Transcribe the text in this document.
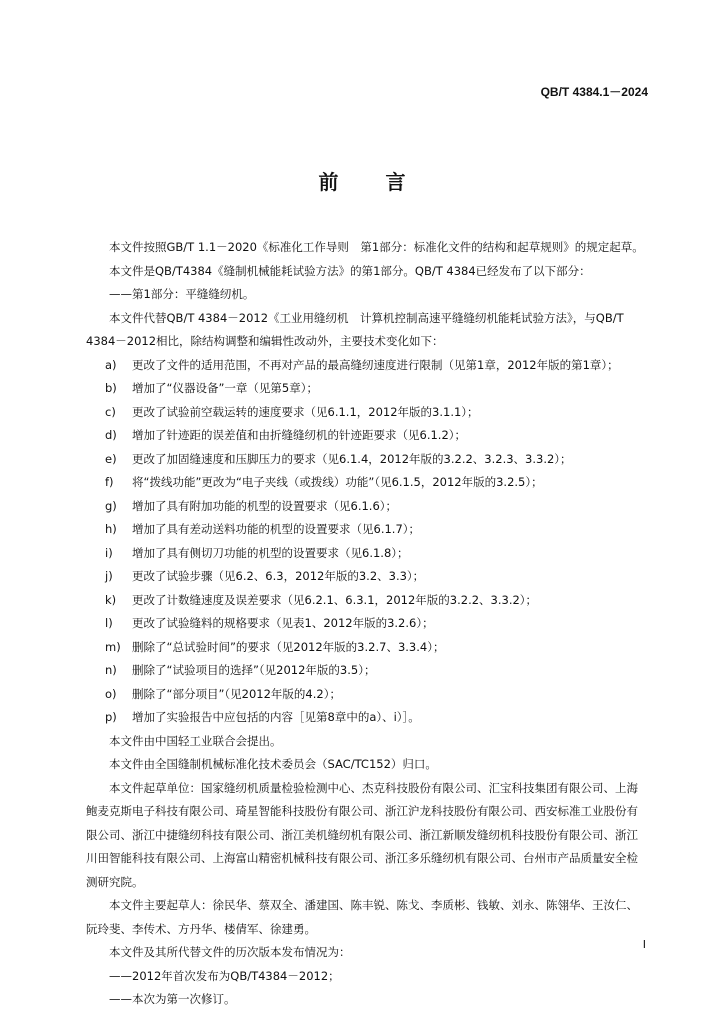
QB/T 4384.1－2024
前 言
本文件按照GB/T 1.1－2020《标准化工作导则　第1部分：标准化文件的结构和起草规则》的规定起草。
本文件是QB/T4384《缝制机械能耗试验方法》的第1部分。QB/T 4384已经发布了以下部分：
——第1部分：平缝缝纫机。
本文件代替QB/T 4384－2012《工业用缝纫机　计算机控制高速平缝缝纫机能耗试验方法》，与QB/T 4384－2012相比，除结构调整和编辑性改动外，主要技术变化如下：
a)	更改了文件的适用范围，不再对产品的最高缝纫速度进行限制（见第1章，2012年版的第1章）；
b)	增加了“仪器设备”一章（见第5章）；
c)	更改了试验前空载运转的速度要求（见6.1.1，2012年版的3.1.1）；
d)	增加了针迹距的误差值和由折缝缝纫机的针迹距要求（见6.1.2）；
e)	更改了加固缝速度和压脚压力的要求（见6.1.4，2012年版的3.2.2、3.2.3、3.3.2）；
f)	将“拨线功能”更改为“电子夹线（或拨线）功能”（见6.1.5，2012年版的3.2.5）；
g)	增加了具有附加功能的机型的设置要求（见6.1.6）；
h)	增加了具有差动送料功能的机型的设置要求（见6.1.7）；
i)	增加了具有侧切刀功能的机型的设置要求（见6.1.8）；
j)	更改了试验步骤（见6.2、6.3，2012年版的3.2、3.3）；
k)	更改了计数缝速度及误差要求（见6.2.1、6.3.1，2012年版的3.2.2、3.3.2）；
l)	更改了试验缝料的规格要求（见表1、2012年版的3.2.6）；
m) 删除了“总试验时间”的要求（见2012年版的3.2.7、3.3.4）；
n)	删除了“试验项目的选择”（见2012年版的3.5）；
o)	删除了“部分项目”（见2012年版的4.2）；
p)	增加了实验报告中应包括的内容［见第8章中的a）、i）］。
本文件由中国轻工业联合会提出。
本文件由全国缝制机械标准化技术委员会（SAC/TC152）归口。
本文件起草单位：国家缝纫机质量检验检测中心、杰克科技股份有限公司、汇宝科技集团有限公司、上海鲍麦克斯电子科技有限公司、琦星智能科技股份有限公司、浙江沪龙科技股份有限公司、西安标准工业股份有限公司、浙江中捷缝纫科技有限公司、浙江美机缝纫机有限公司、浙江新顺发缝纫机科技股份有限公司、浙江川田智能科技有限公司、上海富山精密机械科技有限公司、浙江多乐缝纫机有限公司、台州市产品质量安全检测研究院。
本文件主要起草人：徐民华、蔡双全、潘建国、陈丰锐、陈戈、李质彬、钱敏、刘永、陈翎华、王汝仁、阮玲斐、李传术、方丹华、楼倩军、徐建勇。
本文件及其所代替文件的历次版本发布情况为：
——2012年首次发布为QB/T4384－2012；
——本次为第一次修订。
I
